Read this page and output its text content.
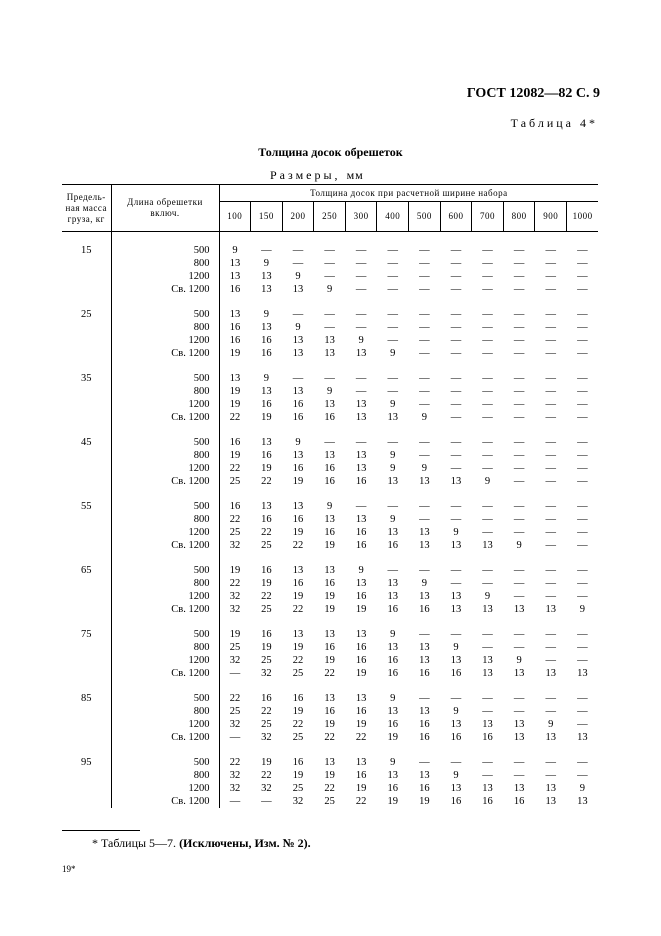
ГОСТ 12082—82 С. 9
Таблица 4*
Толщина досок обрешеток
Размеры, мм
Предель-
ная масса
груза, кг	Длина обрешетки
включ.	Толщина досок при расчетной ширине набора											
		100	150	200	250	300	400	500	600	700	800	900	1000

15	500	9	—	—	—	—	—	—	—	—	—	—	—
	800	13	9	—	—	—	—	—	—	—	—	—	—
	1200	13	13	9	—	—	—	—	—	—	—	—	—
	Св. 1200	16	13	13	9	—	—	—	—	—	—	—	—

25	500	13	9	—	—	—	—	—	—	—	—	—	—
	800	16	13	9	—	—	—	—	—	—	—	—	—
	1200	16	16	13	13	9	—	—	—	—	—	—	—
	Св. 1200	19	16	13	13	13	9	—	—	—	—	—	—

35	500	13	9	—	—	—	—	—	—	—	—	—	—
	800	19	13	13	9	—	—	—	—	—	—	—	—
	1200	19	16	16	13	13	9	—	—	—	—	—	—
	Св. 1200	22	19	16	16	13	13	9	—	—	—	—	—

45	500	16	13	9	—	—	—	—	—	—	—	—	—
	800	19	16	13	13	13	9	—	—	—	—	—	—
	1200	22	19	16	16	13	9	9	—	—	—	—	—
	Св. 1200	25	22	19	16	16	13	13	13	9	—	—	—

55	500	16	13	13	9	—	—	—	—	—	—	—	—
	800	22	16	16	13	13	9	—	—	—	—	—	—
	1200	25	22	19	16	16	13	13	9	—	—	—	—
	Св. 1200	32	25	22	19	16	16	13	13	13	9	—	—

65	500	19	16	13	13	9	—	—	—	—	—	—	—
	800	22	19	16	16	13	13	9	—	—	—	—	—
	1200	32	22	19	19	16	13	13	13	9	—	—	—
	Св. 1200	32	25	22	19	19	16	16	13	13	13	13	9

75	500	19	16	13	13	13	9	—	—	—	—	—	—
	800	25	19	19	16	16	13	13	9	—	—	—	—
	1200	32	25	22	19	16	16	13	13	13	9	—	—
	Св. 1200	—	32	25	22	19	16	16	16	13	13	13	13

85	500	22	16	16	13	13	9	—	—	—	—	—	—
	800	25	22	19	16	16	13	13	9	—	—	—	—
	1200	32	25	22	19	19	16	16	13	13	13	9	—
	Св. 1200	—	32	25	22	22	19	16	16	16	13	13	13

95	500	22	19	16	13	13	9	—	—	—	—	—	—
	800	32	22	19	19	16	13	13	9	—	—	—	—
	1200	32	32	25	22	19	16	16	13	13	13	13	9
	Св. 1200	—	—	32	25	22	19	19	16	16	16	13	13
* Таблицы 5—7. (Исключены, Изм. № 2).
19*
